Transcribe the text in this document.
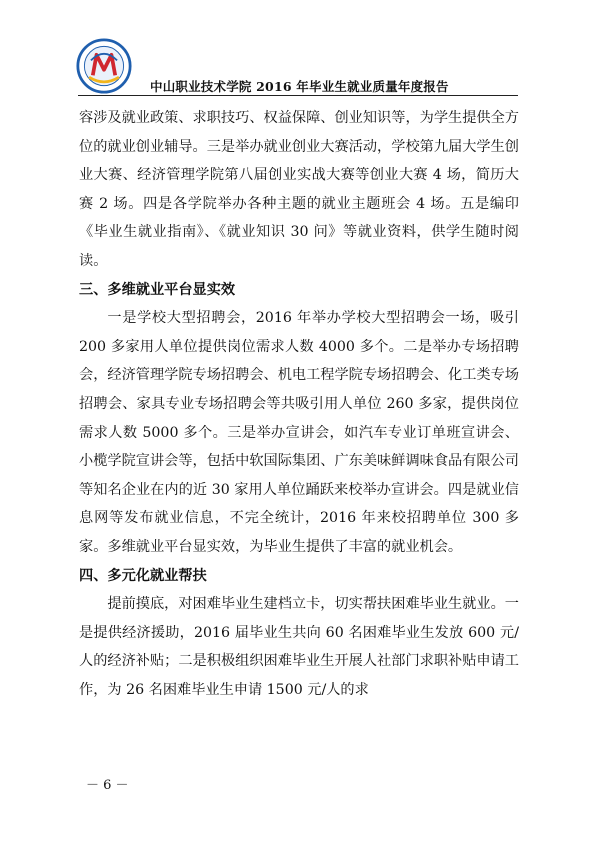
中山职业技术学院 2016 年毕业生就业质量年度报告

容涉及就业政策、求职技巧、权益保障、创业知识等，为学生提供全方位的就业创业辅导。三是举办就业创业大赛活动，学校第九届大学生创业大赛、经济管理学院第八届创业实战大赛等创业大赛 4 场，简历大赛 2 场。四是各学院举办各种主题的就业主题班会 4 场。五是编印《毕业生就业指南》、《就业知识 30 问》等就业资料，供学生随时阅读。

三、多维就业平台显实效

一是学校大型招聘会，2016 年举办学校大型招聘会一场，吸引 200 多家用人单位提供岗位需求人数 4000 多个。二是举办专场招聘会，经济管理学院专场招聘会、机电工程学院专场招聘会、化工类专场招聘会、家具专业专场招聘会等共吸引用人单位 260 多家，提供岗位需求人数 5000 多个。三是举办宣讲会，如汽车专业订单班宣讲会、小榄学院宣讲会等，包括中软国际集团、广东美味鲜调味食品有限公司等知名企业在内的近 30 家用人单位踊跃来校举办宣讲会。四是就业信息网等发布就业信息，不完全统计，2016 年来校招聘单位 300 多家。多维就业平台显实效，为毕业生提供了丰富的就业机会。

四、多元化就业帮扶

提前摸底，对困难毕业生建档立卡，切实帮扶困难毕业生就业。一是提供经济援助，2016 届毕业生共向 60 名困难毕业生发放 600 元/人的经济补贴；二是积极组织困难毕业生开展人社部门求职补贴申请工作，为 26 名困难毕业生申请 1500 元/人的求

－ 6 －
